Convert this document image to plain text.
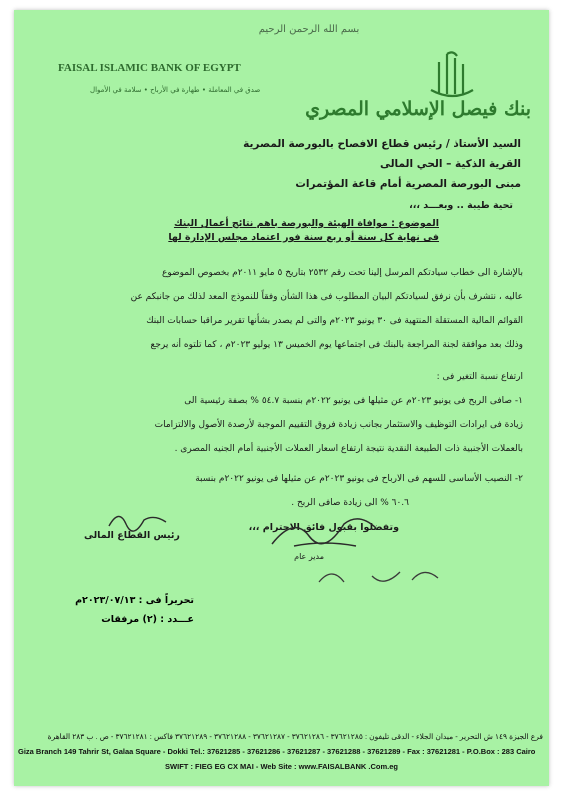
بسم الله الرحمن الرحيم
FAISAL ISLAMIC BANK OF EGYPT
صدق في المعاملة • طهارة في الأرباح • سلامة في الأموال
بنك فيصل الإسلامي المصري
السيد الأستاذ / رئيس قطاع الافصاح بالبورصة المصرية
القرية الذكية – الحي المالى
مبنى البورصة المصرية أمام قاعة المؤتمرات
تحية طيبة .. وبعـــد ،،،
الموضوع : موافاة الهيئة والبورصة باهم نتائج أعمال البنك
فى نهاية كل سنة أو ربع سنة فور اعتماد مجلس الإدارة لها
بالإشارة الى خطاب سيادتكم المرسل إلينا تحت رقم ٢٥٣٢ بتاريخ ٥ مايو ٢٠١١م بخصوص الموضوع
عاليه ، نتشرف بأن نرفق لسيادتكم البيان المطلوب فى هذا الشأن وفقاً للنموذج المعد لذلك من جانبكم عن
القوائم المالية المستقلة المنتهية فى ٣٠ يونيو ٢٠٢٣م والتى لم يصدر بشأنها تقرير مراقبا حسابات البنك
وذلك بعد موافقة لجنة المراجعة بالبنك فى اجتماعها يوم الخميس ١٣ يوليو ٢٠٢٣م ، كما تلتوه أنه يرجع
ارتفاع نسبة التغير فى :
١- صافى الربح فى يونيو ٢٠٢٣م عن مثيلها فى يونيو ٢٠٢٢م بنسبة ٥٤.٧ % بصفة رئيسية الى
زيادة فى ايرادات التوظيف والاستثمار بجانب زيادة فروق التقييم الموجبة لأرصدة الأصول والالتزامات
بالعملات الأجنبية ذات الطبيعة النقدية نتيجة ارتفاع اسعار العملات الأجنبية أمام الجنيه المصرى .
٢- النصيب الأساسى للسهم فى الارباح فى يونيو ٢٠٢٣م عن مثيلها فى يونيو ٢٠٢٢م بنسبة
٦٠.٦ % الى زيادة صافى الربح .
وتفضلوا بقبول فائق الاحترام ،،،
مدير عام
رئيس القطاع المالى
تحريراً فى : ٢٠٢٣/٠٧/١٣م
عـــدد : (٢) مرفقات
فرع الجيزة ١٤٩ ش التحرير - ميدان الجلاء - الدقى تليفون : ٣٧٦٢١٢٨٥ - ٣٧٦٢١٢٨٦ - ٣٧٦٢١٢٨٧ - ٣٧٦٢١٢٨٨ - ٣٧٦٢١٢٨٩ فاكس : ٣٧٦٢١٢٨١ - ص . ب ٢٨٣ القاهرة
Giza Branch 149 Tahrir St, Galaa Square - Dokki Tel.: 37621285 - 37621286 - 37621287 - 37621288 - 37621289 - Fax : 37621281 - P.O.Box : 283 Cairo
SWIFT : FIEG EG CX MAI - Web Site : www.FAISALBANK .Com.eg
